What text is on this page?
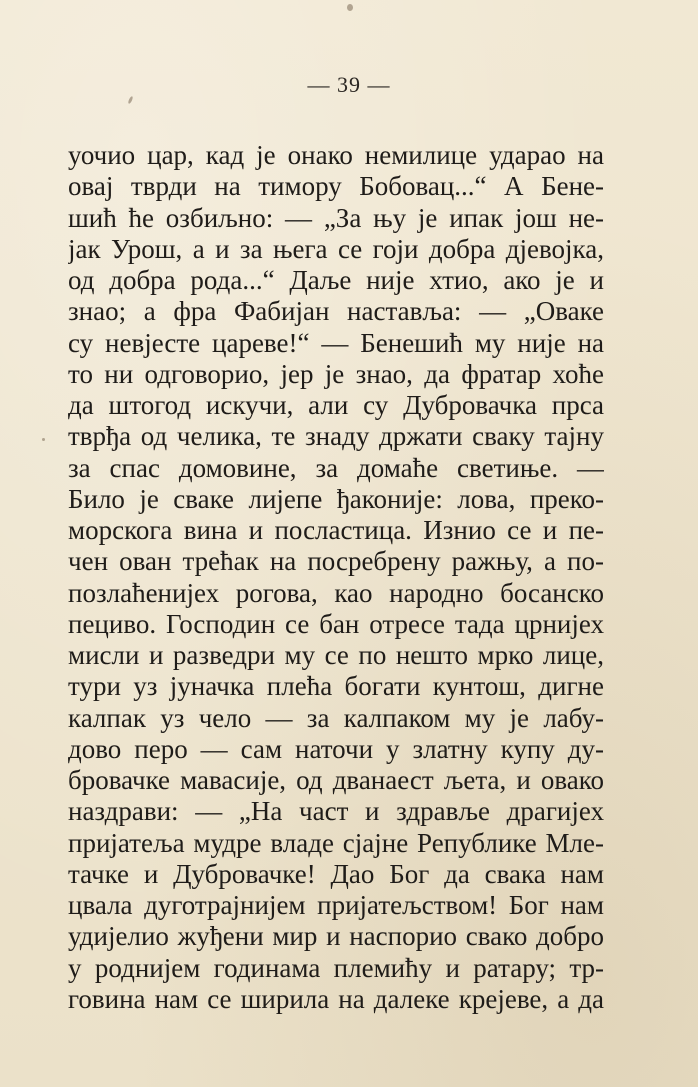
— 39 —
уочио цар, кад је онако немилице ударао на
овај тврди на тимору Бобовац...“ А Бене-
шић ће озбиљно: — „За њу је ипак још не-
јак Урош, а и за њега се гоји добра дјевојка,
од добра рода...“ Даље није хтио, ако је и
знао; а фра Фабијан наставља: — „Оваке
су невјесте цареве!“ — Бенешић му није на
то ни одговорио, јер је знао, да фратар хоће
да штогод искучи, али су Дубровачка прса
тврђа од челика, те знаду држати сваку тајну
за спас домовине, за домаће светиње. —
Било је сваке лијепе ђаконије: лова, преко-
морскога вина и посластица. Изнио се и пе-
чен ован трећак на посребрену ражњу, а по-
позлаћенијех рогова, као народно босанско
пециво. Господин се бан отресе тада црнијех
мисли и разведри му се по нешто мрко лице,
тури уз јуначка плећа богати кунтош, дигне
калпак уз чело — за калпаком му је лабу-
дово перо — сам наточи у златну купу ду-
бровачке мавасије, од дванаест љета, и овако
наздрави: — „На част и здравље драгијех
пријатеља мудре владе сјајне Републике Мле-
тачке и Дубровачке! Дао Бог да свака нам
цвала дуготрајнијем пријатељством! Бог нам
удијелио жуђени мир и наспорио свако добро
у роднијем годинама племићу и ратару; тр-
говина нам се ширила на далеке крејеве, а да
